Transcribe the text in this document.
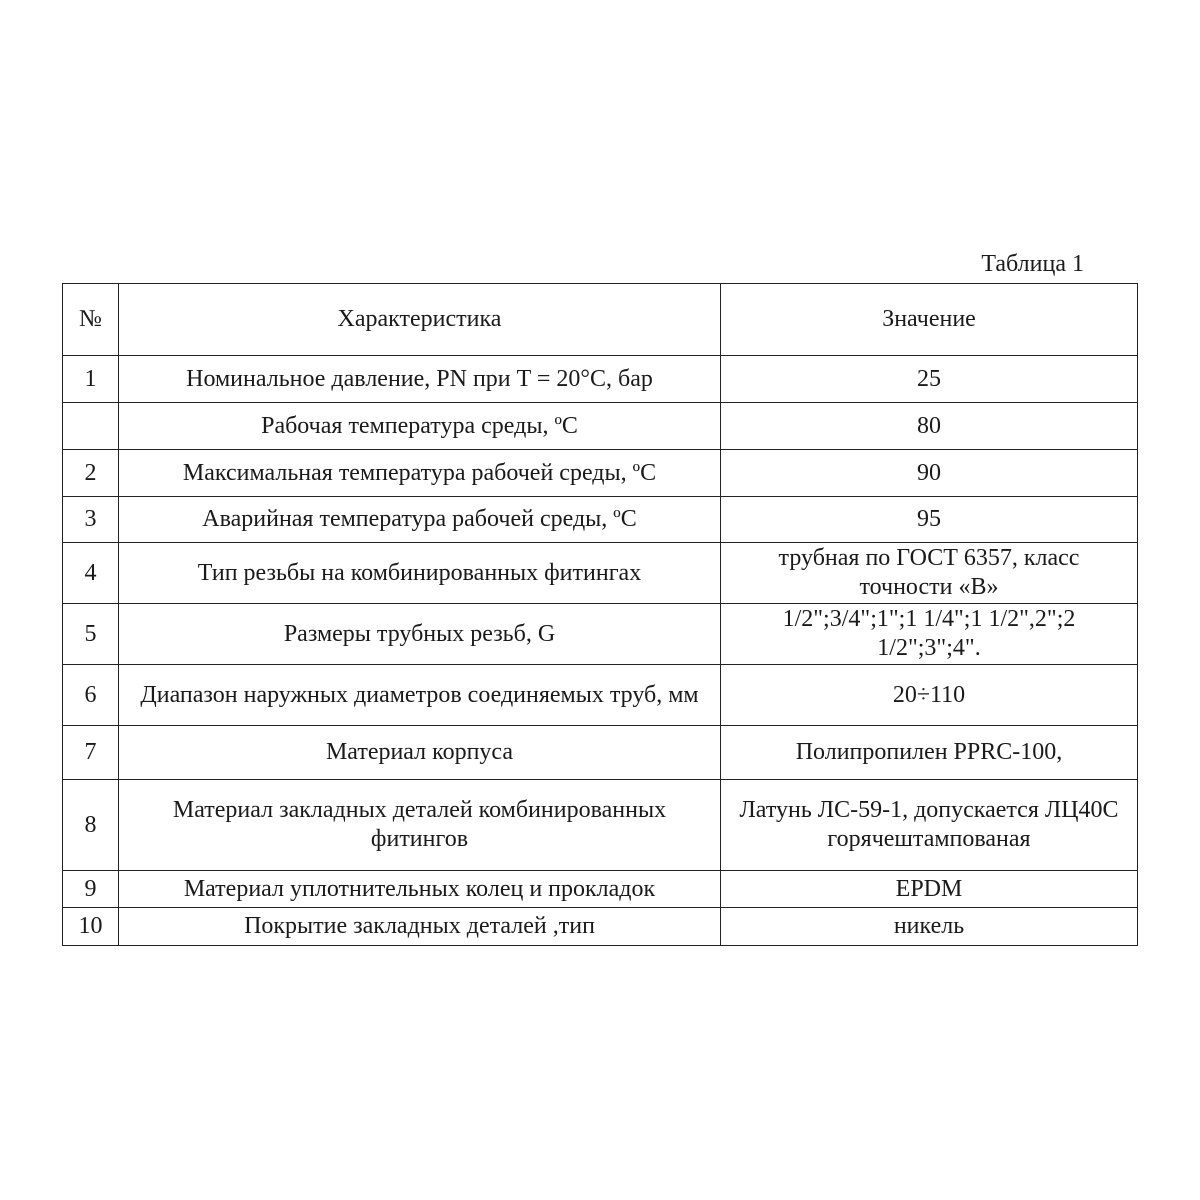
Таблица 1
№	Характеристика	Значение
1	Номинальное давление, PN при T = 20°C, бар	25
	Рабочая температура среды, ºC	80
2	Максимальная температура рабочей среды, ºC	90
3	Аварийная температура рабочей среды, ºC	95
4	Тип резьбы на комбинированных фитингах	трубная по ГОСТ 6357, класс точности «B»
5	Размеры трубных резьб, G	1/2";3/4";1";1 1/4";1 1/2",2";2 1/2";3";4".
6	Диапазон наружных диаметров соединяемых труб, мм	20÷110
7	Материал корпуса	Полипропилен PPRC-100,
8	Материал закладных деталей комбинированных фитингов	Латунь ЛС-59-1, допускается ЛЦ40С горячештампованая
9	Материал уплотнительных колец и прокладок	EPDM
10	Покрытие закладных деталей ,тип	никель
